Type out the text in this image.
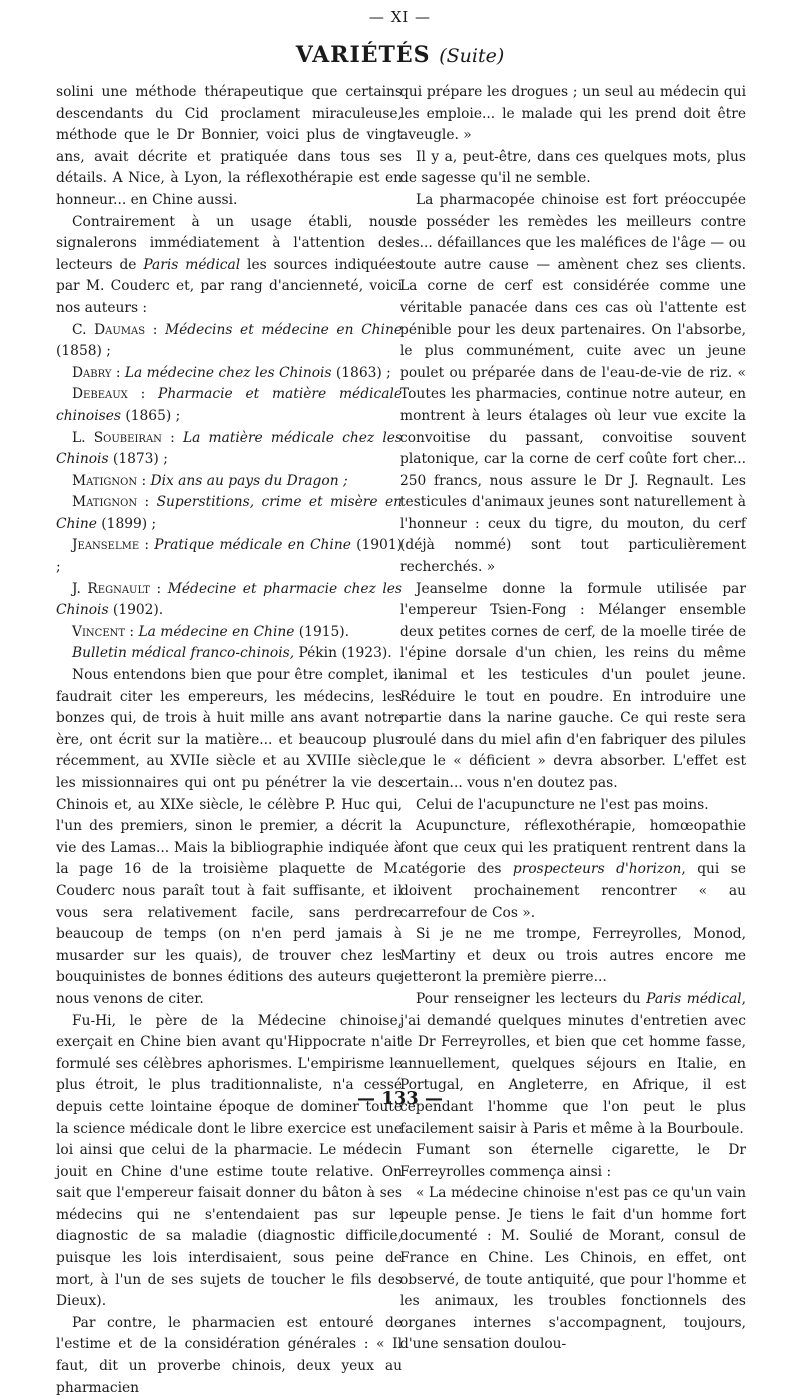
— XI —
VARIÉTÉS (Suite)

solini une méthode thérapeutique que certains descendants du Cid proclament miraculeuse, méthode que le Dr Bonnier, voici plus de vingt ans, avait décrite et pratiquée dans tous ses détails. A Nice, à Lyon, la réflexothérapie est en honneur... en Chine aussi.

Contrairement à un usage établi, nous signalerons immédiatement à l'attention des lecteurs de Paris médical les sources indiquées par M. Couderc et, par rang d'ancienneté, voici nos auteurs :

C. Daumas : Médecins et médecine en Chine (1858) ;

Dabry : La médecine chez les Chinois (1863) ;

Debeaux : Pharmacie et matière médicale chinoises (1865) ;

L. Soubeiran : La matière médicale chez les Chinois (1873) ;

Matignon : Dix ans au pays du Dragon ;

Matignon : Superstitions, crime et misère en Chine (1899) ;

Jeanselme : Pratique médicale en Chine (1901) ;

J. Regnault : Médecine et pharmacie chez les Chinois (1902).

Vincent : La médecine en Chine (1915).

Bulletin médical franco-chinois, Pékin (1923).

Nous entendons bien que pour être complet, il faudrait citer les empereurs, les médecins, les bonzes qui, de trois à huit mille ans avant notre ère, ont écrit sur la matière... et beaucoup plus récemment, au XVIIe siècle et au XVIIIe siècle, les missionnaires qui ont pu pénétrer la vie des Chinois et, au XIXe siècle, le célèbre P. Huc qui, l'un des premiers, sinon le premier, a décrit la vie des Lamas... Mais la bibliographie indiquée à la page 16 de la troisième plaquette de M. Couderc nous paraît tout à fait suffisante, et il vous sera relativement facile, sans perdre beaucoup de temps (on n'en perd jamais à musarder sur les quais), de trouver chez les bouquinistes de bonnes éditions des auteurs que nous venons de citer.

Fu-Hi, le père de la Médecine chinoise, exerçait en Chine bien avant qu'Hippocrate n'ait formulé ses célèbres aphorismes. L'empirisme le plus étroit, le plus traditionnaliste, n'a cessé depuis cette lointaine époque de dominer toute la science médicale dont le libre exercice est une loi ainsi que celui de la pharmacie. Le médecin jouit en Chine d'une estime toute relative. On sait que l'empereur faisait donner du bâton à ses médecins qui ne s'entendaient pas sur le diagnostic de sa maladie (diagnostic difficile, puisque les lois interdisaient, sous peine de mort, à l'un de ses sujets de toucher le fils des Dieux).

Par contre, le pharmacien est entouré de l'estime et de la considération générales : « Il faut, dit un proverbe chinois, deux yeux au pharmacien

qui prépare les drogues ; un seul au médecin qui les emploie... le malade qui les prend doit être aveugle. »

Il y a, peut-être, dans ces quelques mots, plus de sagesse qu'il ne semble.

La pharmacopée chinoise est fort préoccupée de posséder les remèdes les meilleurs contre les... défaillances que les maléfices de l'âge — ou toute autre cause — amènent chez ses clients. La corne de cerf est considérée comme une véritable panacée dans ces cas où l'attente est pénible pour les deux partenaires. On l'absorbe, le plus communément, cuite avec un jeune poulet ou préparée dans de l'eau-de-vie de riz. « Toutes les pharmacies, continue notre auteur, en montrent à leurs étalages où leur vue excite la convoitise du passant, convoitise souvent platonique, car la corne de cerf coûte fort cher... 250 francs, nous assure le Dr J. Regnault. Les testicules d'animaux jeunes sont naturellement à l'honneur : ceux du tigre, du mouton, du cerf (déjà nommé) sont tout particulièrement recherchés. »

Jeanselme donne la formule utilisée par l'empereur Tsien-Fong : Mélanger ensemble deux petites cornes de cerf, de la moelle tirée de l'épine dorsale d'un chien, les reins du même animal et les testicules d'un poulet jeune. Réduire le tout en poudre. En introduire une partie dans la narine gauche. Ce qui reste sera roulé dans du miel afin d'en fabriquer des pilules que le « déficient » devra absorber. L'effet est certain... vous n'en doutez pas.

Celui de l'acupuncture ne l'est pas moins.

Acupuncture, réflexothérapie, homœopathie font que ceux qui les pratiquent rentrent dans la catégorie des prospecteurs d'horizon, qui se doivent prochainement rencontrer « au carrefour de Cos ».

Si je ne me trompe, Ferreyrolles, Monod, Martiny et deux ou trois autres encore me jetteront la première pierre...

Pour renseigner les lecteurs du Paris médical, j'ai demandé quelques minutes d'entretien avec le Dr Ferreyrolles, et bien que cet homme fasse, annuellement, quelques séjours en Italie, en Portugal, en Angleterre, en Afrique, il est cependant l'homme que l'on peut le plus facilement saisir à Paris et même à la Bourboule.

Fumant son éternelle cigarette, le Dr Ferreyrolles commença ainsi :

« La médecine chinoise n'est pas ce qu'un vain peuple pense. Je tiens le fait d'un homme fort documenté : M. Soulié de Morant, consul de France en Chine. Les Chinois, en effet, ont observé, de toute antiquité, que pour l'homme et les animaux, les troubles fonctionnels des organes internes s'accompagnent, toujours, d'une sensation doulou-

— 133 —
